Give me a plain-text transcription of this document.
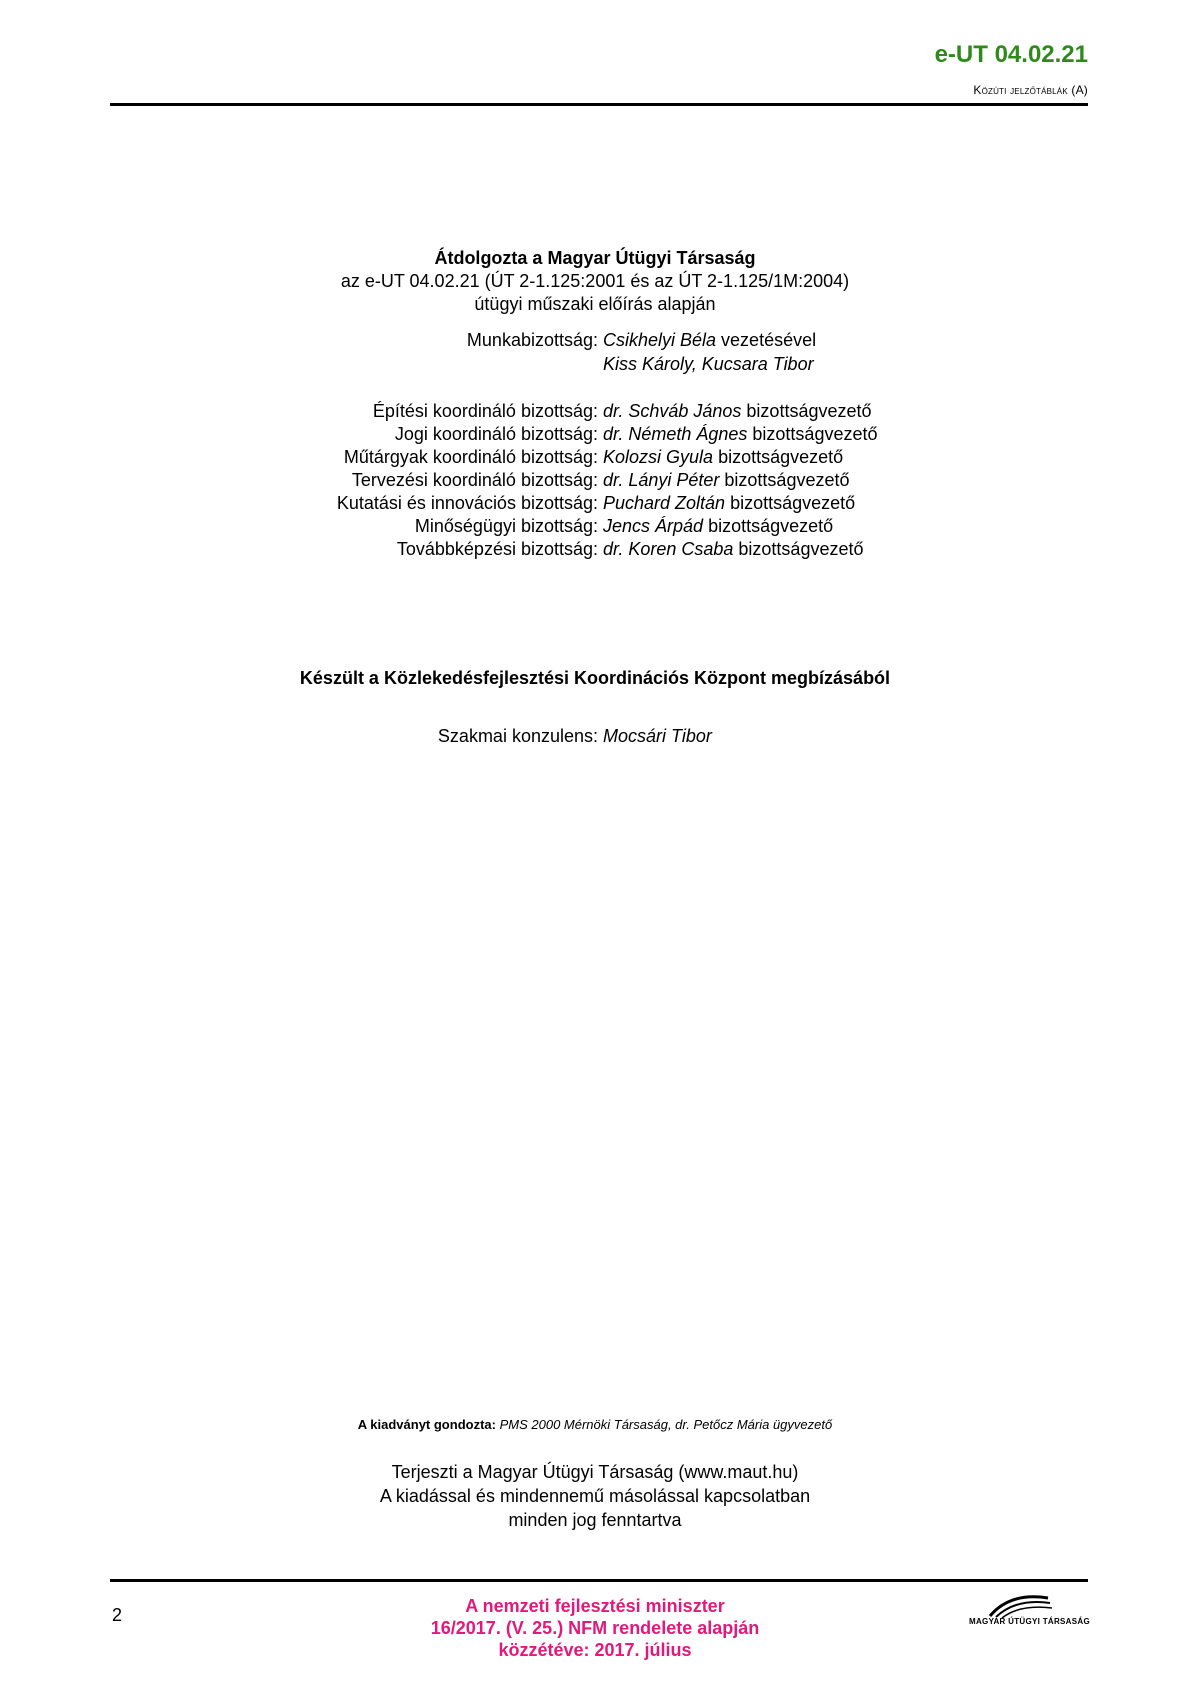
e-UT 04.02.21
Közúti jelzőtáblák (A)
Átdolgozta a Magyar Útügyi Társaság
az e-UT 04.02.21 (ÚT 2-1.125:2001 és az ÚT 2-1.125/1M:2004)
útügyi műszaki előírás alapján
Munkabizottság: Csikhelyi Béla vezetésével
Kiss Károly, Kucsara Tibor
Építési koordináló bizottság: dr. Schváb János bizottságvezető
Jogi koordináló bizottság: dr. Németh Ágnes bizottságvezető
Műtárgyak koordináló bizottság: Kolozsi Gyula bizottságvezető
Tervezési koordináló bizottság: dr. Lányi Péter bizottságvezető
Kutatási és innovációs bizottság: Puchard Zoltán bizottságvezető
Minőségügyi bizottság: Jencs Árpád bizottságvezető
Továbbképzési bizottság: dr. Koren Csaba bizottságvezető
Készült a Közlekedésfejlesztési Koordinációs Központ megbízásából
Szakmai konzulens: Mocsári Tibor
A kiadványt gondozta: PMS 2000 Mérnöki Társaság, dr. Petőcz Mária ügyvezető
Terjeszti a Magyar Útügyi Társaság (www.maut.hu)
A kiadással és mindennemű másolással kapcsolatban
minden jog fenntartva
2	A nemzeti fejlesztési miniszter
16/2017. (V. 25.) NFM rendelete alapján
közzétéve: 2017. július
MAGYAR ÚTÜGYI TÁRSASÁG
